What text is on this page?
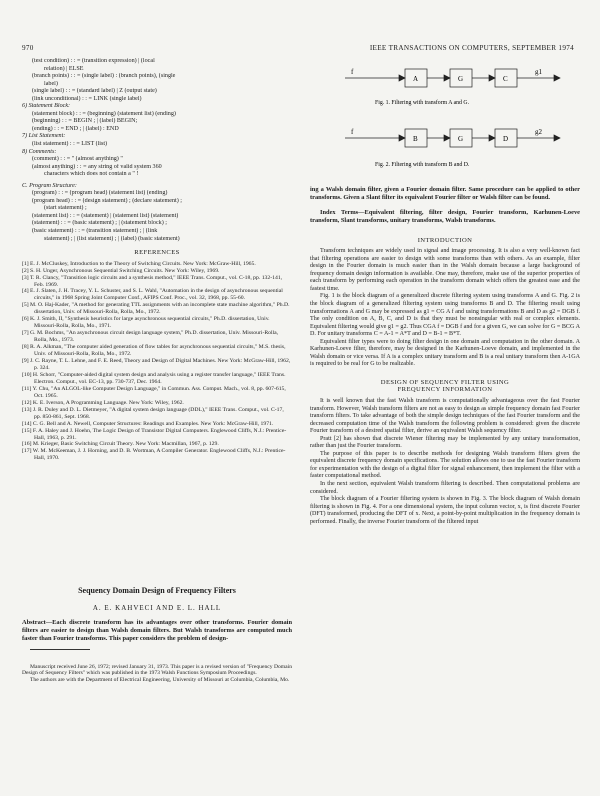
970	IEEE TRANSACTIONS ON COMPUTERS, SEPTEMBER 1974
(test condition) : : = (transition expression) | (local
relation) | ELSE
(branch points) : : = (single label) : (branch points), (single
label)
(single label) : : = (standard label) | Z (output state)
(link unconditional) : : = LINK (single label)
6) Statement Block:
(statement block) : : = (beginning) (statement list) (ending)
(beginning) : : = BEGIN ; | (label) BEGIN;
(ending) : : = END ; | (label) : END
7) List Statement:
(list statement) : : = LIST (list)
8) Comments:
(comment) : : = " (almost anything) "
(almost anything) : : = any string of valid system 360
characters which does not contain a " !
C. Program Structure:
(program) : : = (program head) (statement list) (ending)
(program head) : : = (design statement) ; (declare statement) ;
(start statement) ;
(statement list) : : = (statement) | (statement list) (statement)
(statement) : : = (basic statement) ; | (statement block) ;
(basic statement) : : = (transition statement) ; | (link
statement) ; | (list statement) ; | (label) (basic statement)
REFERENCES
[1] E. J. McCluskey, Introduction to the Theory of Switching Circuits. New York: McGraw-Hill, 1965.
[2] S. H. Unger, Asynchronous Sequential Switching Circuits. New York: Wiley, 1969.
[3] T. R. Clancy, "Transition logic circuits and a synthesis method," IEEE Trans. Comput., vol. C-18, pp. 132-141, Feb. 1969.
[4] E. J. Slaten, J. H. Tracey, Y. L. Schuster, and S. L. Wahl, "Automation in the design of asynchronous sequential circuits," in 1968 Spring Joint Computer Conf., AFIPS Conf. Proc., vol. 32, 1968, pp. 55-60.
[5] M. O. Haj-Kader, "A method for generating TTL assignments with an incomplete state machine algorithm," Ph.D. dissertation, Univ. of Missouri-Rolla, Rolla, Mo., 1972.
[6] K. J. Smith, II, "Synthesis heuristics for large asynchronous sequential circuits," Ph.D. dissertation, Univ. Missouri-Rolla, Rolla, Mo., 1971.
[7] G. M. Bochms, "An asynchronous circuit design language system," Ph.D. dissertation, Univ. Missouri-Rolla, Rolla, Mo., 1973.
[8] R. A. Alkman, "The computer aided generation of flow tables for asynchronous sequential circuits," M.S. thesis, Univ. of Missouri-Rolla, Rolla, Mo., 1972.
[9] J. C. Rayne, T. L. Lehne, and F. E. Reed, Theory and Design of Digital Machines. New York: McGraw-Hill, 1962, p. 324.
[10] H. Schorr, "Computer-aided digital system design and analysis using a register transfer language," IEEE Trans. Electron. Comput., vol. EC-13, pp. 730-737, Dec. 1964.
[11] Y. Chu, "An ALGOL-like Computer Design Language," in Commun. Ass. Comput. Mach., vol. 8, pp. 607-615, Oct. 1965.
[12] K. E. Iverson, A Programming Language. New York: Wiley, 1962.
[13] J. R. Duley and D. L. Dietmeyer, "A digital system design language (DDL)," IEEE Trans. Comput., vol. C-17, pp. 850-861, Sept. 1968.
[14] C. G. Bell and A. Newell, Computer Structures: Readings and Examples. New York: McGraw-Hill, 1971.
[15] F. A. Haley and J. Hoehn, The Logic Design of Transistor Digital Computers. Englewood Cliffs, N.J.: Prentice-Hall, 1963, p. 291.
[16] M. Krieger, Basic Switching Circuit Theory. New York: Macmillan, 1967, p. 129.
[17] W. M. McKeeman, J. J. Horning, and D. B. Wortman, A Compiler Generator. Englewood Cliffs, N.J.: Prentice-Hall, 1970.
Sequency Domain Design of Frequency Filters
A. E. KAHVECI AND E. L. HALL
Abstract—Each discrete transform has its advantages over other transforms. Fourier domain filters are easier to design than Walsh domain filters. But Walsh transforms are computed much faster than Fourier transforms. This paper considers the problem of design-
Manuscript received June 26, 1972; revised January 31, 1973. This paper is a revised version of "Frequency Domain Design of Sequency Filters" which was published in the 1973 Walsh Functions Symposium Proceedings.
The authors are with the Department of Electrical Engineering, University of Missouri at Columbia, Columbia, Mo.
f
A	G	C
g1
f
B	G	D
g2
Fig. 1. Filtering with transform A and G.
Fig. 2. Filtering with transform B and D.
ing a Walsh domain filter, given a Fourier domain filter. Same procedure can be applied to other transforms. Given a Slant filter its equivalent Fourier filter or Walsh filter can be found.
Index Terms—Equivalent filtering, filter design, Fourier transform, Karhunen-Loeve transform, Slant transforms, unitary transforms, Walsh transforms.
INTRODUCTION

Transform techniques are widely used in signal and image processing. It is also a very well-known fact that filtering operations are easier to design with some transforms than with others. As an example, filter design in the Fourier domain is much easier than in the Walsh domain because a large background of frequency domain design information is available. One may, therefore, make use of the superior properties of each transform by performing each operation in the transform domain which offers the greatest ease and the fastest time.

Fig. 1 is the block diagram of a generalized discrete filtering system using transforms A and G. Fig. 2 is the block diagram of a generalized filtering system using transforms B and D. The filtering result using transformations A and G may be expressed as g1 = CG A f and using transformations B and D as g2 = DGB f. The only condition on A, B, C, and D is that they must be nonsingular with real or complex elements. Equivalent filtering would give g1 = g2. Thus CGA f = DGB f and for a given G, we can solve for G = BCG A D. For unitary transforms C = A-1 = A*T and D = B-1 = B*T.

Equivalent filter types were to doing filter design in one domain and computation in the other domain. A Karhunen-Loeve filter, therefore, may be designed in the Karhunen-Loeve domain, and implemented in the Walsh domain or vice versa. If A is a complex unitary transform and B is a real unitary transform then A-1GA is required to be real for G to be realizable.

DESIGN OF SEQUENCY FILTER USING
FREQUENCY INFORMATION

It is well known that the fast Walsh transform is computationally advantageous over the fast Fourier transform. However, Walsh transform filters are not as easy to design as simple frequency domain fast Fourier transform filters. To take advantage of both the simple design techniques of the fast Fourier transform and the decreased computation time of the Walsh transform the following problem is considered: given the discrete Fourier transform of a desired spatial filter, derive an equivalent Walsh sequency filter.

Pratt [2] has shown that discrete Wiener filtering may be implemented by any unitary transformation, rather than just the Fourier transform.

The purpose of this paper is to describe methods for designing Walsh transform filters given the equivalent discrete frequency domain specifications. The solution allows one to use the fast Fourier transform for experimentation with the design of a digital filter for signal enhancement, then implement the filter with a faster computational method.

In the next section, equivalent Walsh transform filtering is described. Then computational problems are considered.

The block diagram of a Fourier filtering system is shown in Fig. 3. The block diagram of Walsh domain filtering is shown in Fig. 4. For a one dimensional system, the input column vector, x, is first discrete Fourier (DFT) transformed, producing the DFT of x. Next, a point-by-point multiplication in the frequency domain is performed. Finally, the inverse Fourier transform of the filtered input
